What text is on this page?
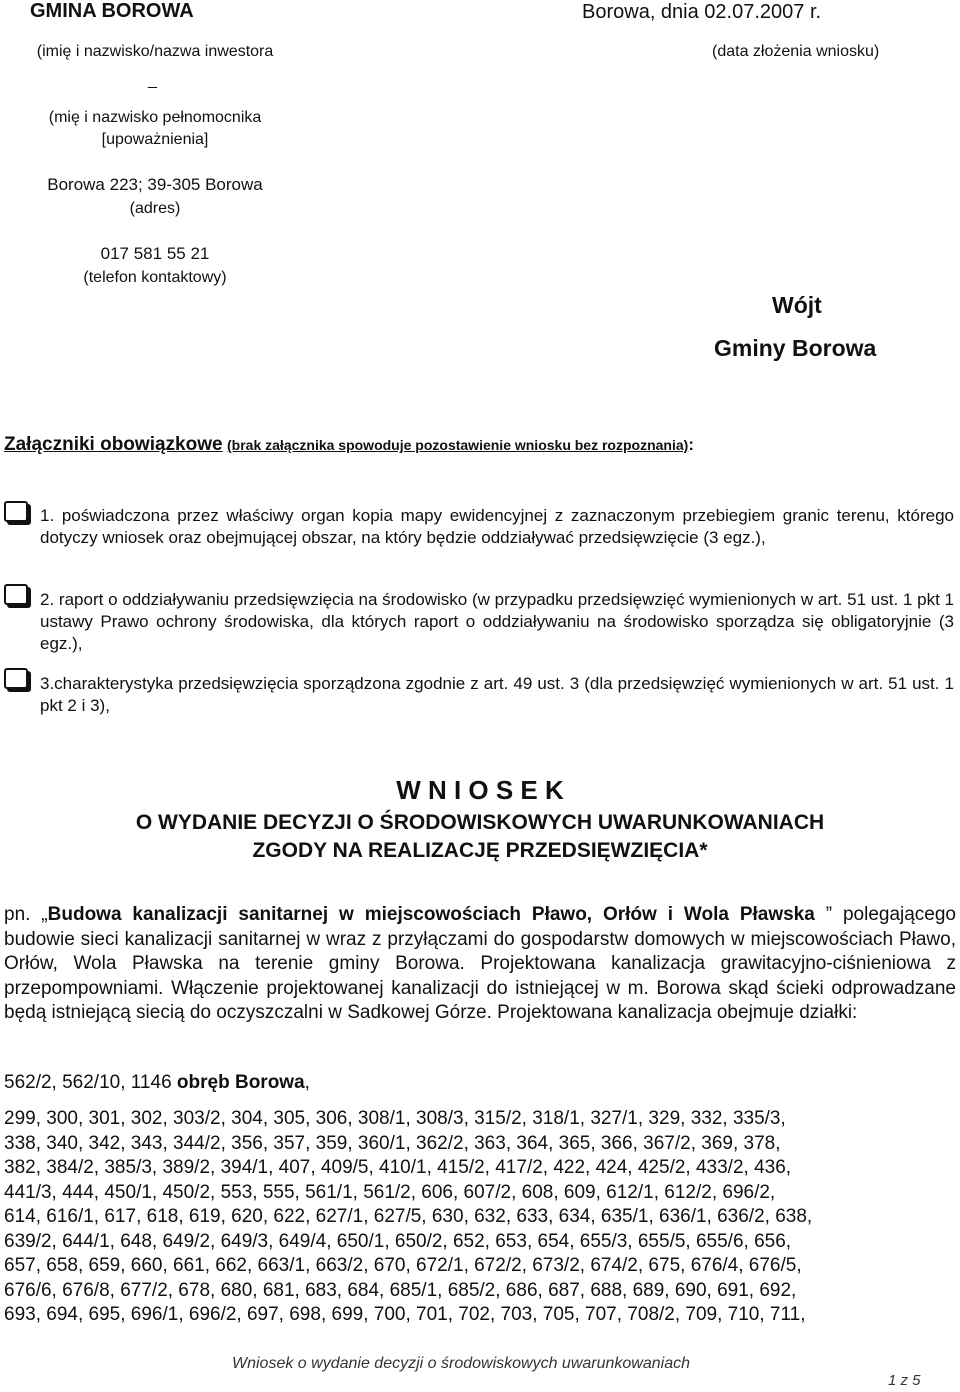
GMINA BOROWA	Borowa, dnia 02.07.2007 r.
(imię i nazwisko/nazwa inwestora	(data złożenia wniosku)
_
(mię i nazwisko pełnomocnika
[upoważnienia]
Borowa 223; 39-305 Borowa
(adres)
017 581 55 21
(telefon kontaktowy)
Wójt
Gminy Borowa
Załączniki obowiązkowe (brak załącznika spowoduje pozostawienie wniosku bez rozpoznania):
1. poświadczona przez właściwy organ kopia mapy ewidencyjnej z zaznaczonym przebiegiem granic terenu, którego dotyczy wniosek oraz obejmującej obszar, na który będzie oddziaływać przedsięwzięcie (3 egz.),
2. raport o oddziaływaniu przedsięwzięcia na środowisko (w przypadku przedsięwzięć wymienionych w art. 51 ust. 1 pkt 1 ustawy Prawo ochrony środowiska, dla których raport o oddziaływaniu na środowisko sporządza się obligatoryjnie (3 egz.),
3.charakterystyka przedsięwzięcia sporządzona zgodnie z art. 49 ust. 3 (dla przedsięwzięć wymienionych w art. 51 ust. 1 pkt 2 i 3),
W N I O S E K
O WYDANIE DECYZJI O ŚRODOWISKOWYCH UWARUNKOWANIACH
ZGODY NA REALIZACJĘ PRZEDSIĘWZIĘCIA*
pn. „Budowa kanalizacji sanitarnej w miejscowościach Pławo, Orłów i Wola Pławska ” polegającego budowie sieci kanalizacji sanitarnej w wraz z przyłączami do gospodarstw domowych w miejscowościach Pławo, Orłów, Wola Pławska na terenie gminy Borowa. Projektowana kanalizacja grawitacyjno-ciśnieniowa z przepompowniami. Włączenie projektowanej kanalizacji do istniejącej w m. Borowa skąd ścieki odprowadzane będą istniejącą siecią do oczyszczalni w Sadkowej Górze. Projektowana kanalizacja obejmuje działki:
562/2, 562/10, 1146 obręb Borowa,
299, 300, 301, 302, 303/2, 304, 305, 306, 308/1, 308/3, 315/2, 318/1, 327/1, 329, 332, 335/3,
338, 340, 342, 343, 344/2, 356, 357, 359, 360/1, 362/2, 363, 364, 365, 366, 367/2, 369, 378,
382, 384/2, 385/3, 389/2, 394/1, 407, 409/5, 410/1, 415/2, 417/2, 422, 424, 425/2, 433/2, 436,
441/3, 444, 450/1, 450/2, 553, 555, 561/1, 561/2, 606, 607/2, 608, 609, 612/1, 612/2, 696/2,
614, 616/1, 617, 618, 619, 620, 622, 627/1, 627/5, 630, 632, 633, 634, 635/1, 636/1, 636/2, 638,
639/2, 644/1, 648, 649/2, 649/3, 649/4, 650/1, 650/2, 652, 653, 654, 655/3, 655/5, 655/6, 656,
657, 658, 659, 660, 661, 662, 663/1, 663/2, 670, 672/1, 672/2, 673/2, 674/2, 675, 676/4, 676/5,
676/6, 676/8, 677/2, 678, 680, 681, 683, 684, 685/1, 685/2, 686, 687, 688, 689, 690, 691, 692,
693, 694, 695, 696/1, 696/2, 697, 698, 699, 700, 701, 702, 703, 705, 707, 708/2, 709, 710, 711,
Wniosek o wydanie decyzji o środowiskowych uwarunkowaniach
1 z 5
